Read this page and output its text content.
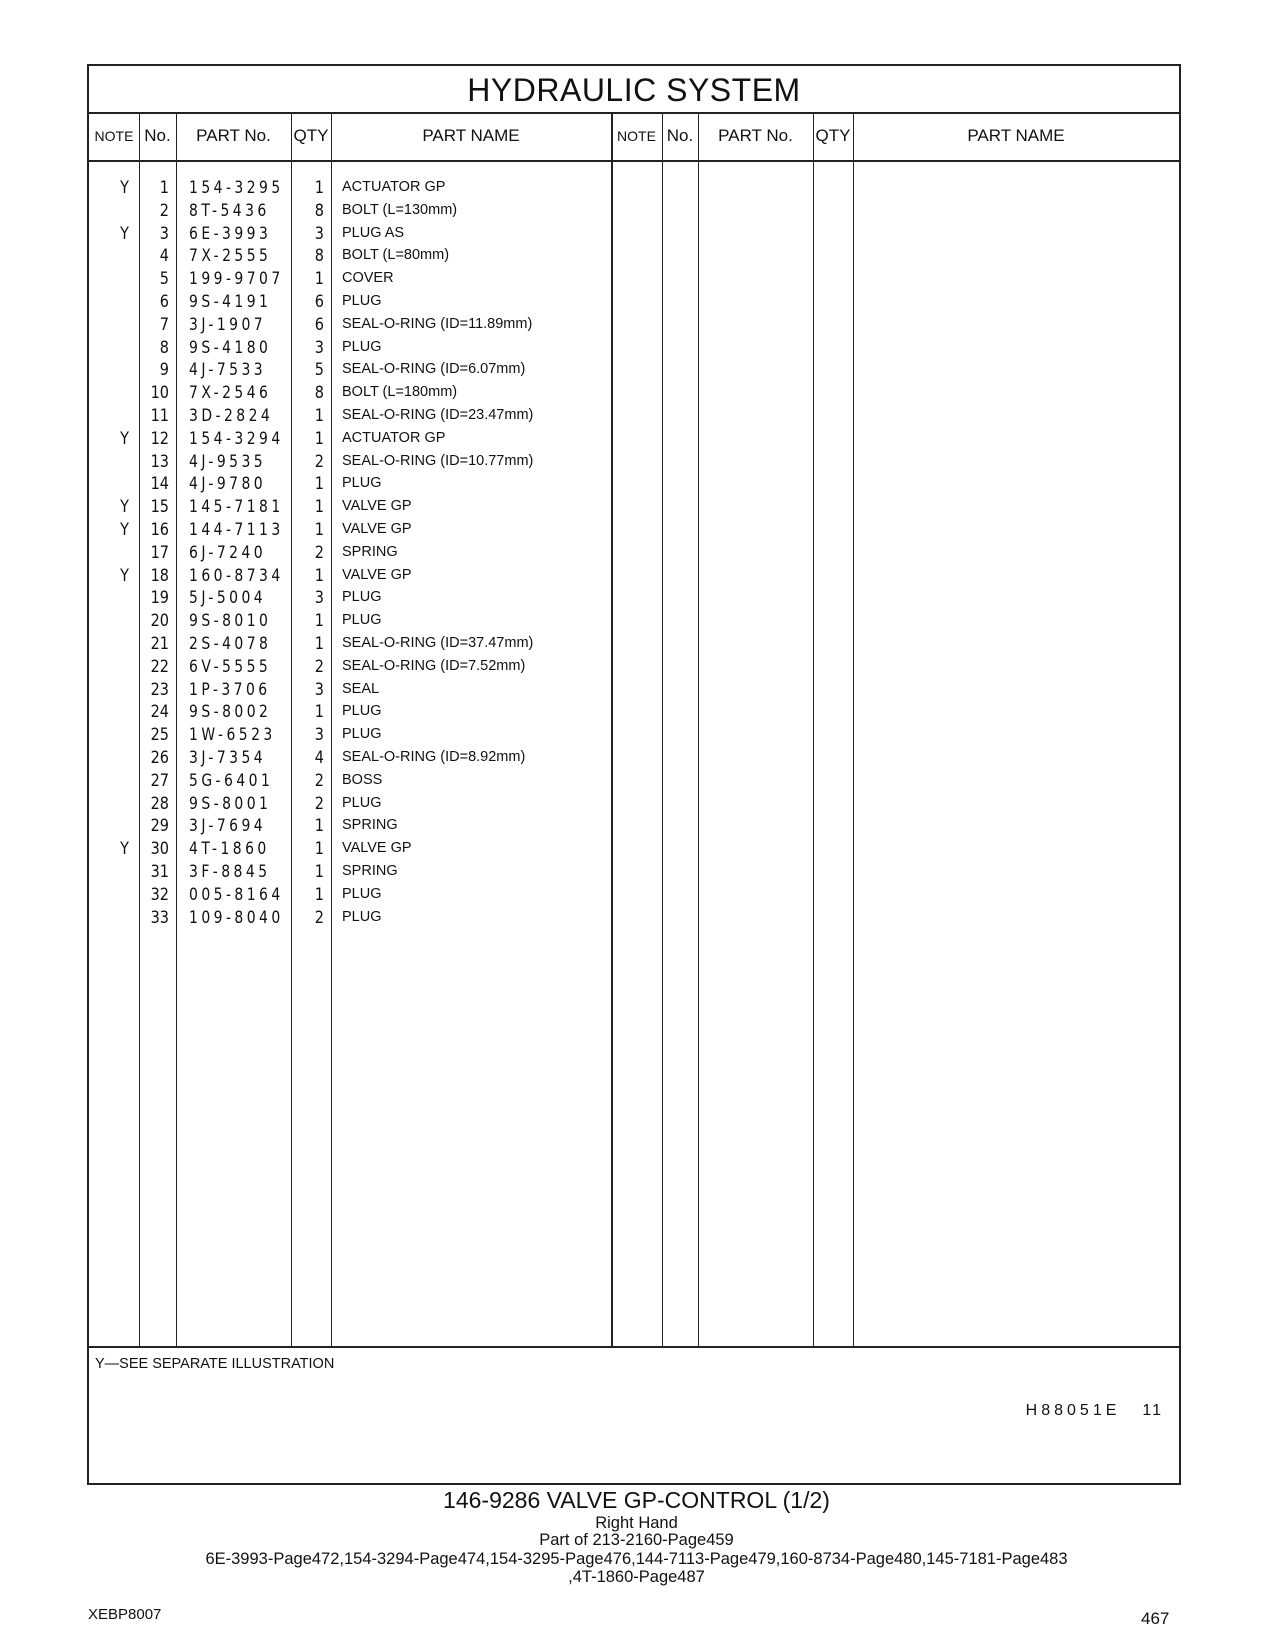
HYDRAULIC SYSTEM
NOTE No.	PART No.	QTY	PART NAME	NOTE No.	PART No.	QTY	PART NAME
Y	1 154-3295	1 ACTUATOR GP
2 8T-5436	8 BOLT (L=130mm)
Y	3 6E-3993	3 PLUG AS
4 7X-2555	8 BOLT (L=80mm)
5 199-9707	1 COVER
6 9S-4191	6 PLUG
7 3J-1907	6 SEAL-O-RING (ID=11.89mm)
8 9S-4180	3 PLUG
9 4J-7533	5 SEAL-O-RING (ID=6.07mm)
10 7X-2546	8 BOLT (L=180mm)
11 3D-2824	1 SEAL-O-RING (ID=23.47mm)
Y 12 154-3294	1 ACTUATOR GP
13 4J-9535	2 SEAL-O-RING (ID=10.77mm)
14 4J-9780	1 PLUG
Y 15 145-7181	1 VALVE GP
Y 16 144-7113	1 VALVE GP
17 6J-7240	2 SPRING
Y 18 160-8734	1 VALVE GP
19 5J-5004	3 PLUG
20 9S-8010	1 PLUG
21 2S-4078	1 SEAL-O-RING (ID=37.47mm)
22 6V-5555	2 SEAL-O-RING (ID=7.52mm)
23 1P-3706	3 SEAL
24 9S-8002	1 PLUG
25 1W-6523	3 PLUG
26 3J-7354	4 SEAL-O-RING (ID=8.92mm)
27 5G-6401	2 BOSS
28 9S-8001	2 PLUG
29 3J-7694	1 SPRING
Y 30 4T-1860	1 VALVE GP
31 3F-8845	1 SPRING
32 005-8164	1 PLUG
33 109-8040	2 PLUG
Y—SEE SEPARATE ILLUSTRATION
H88051E 11
146-9286 VALVE GP-CONTROL (1/2)
Right Hand
Part of 213-2160-Page459
6E-3993-Page472,154-3294-Page474,154-3295-Page476,144-7113-Page479,160-8734-Page480,145-7181-Page483
,4T-1860-Page487
XEBP8007	467
